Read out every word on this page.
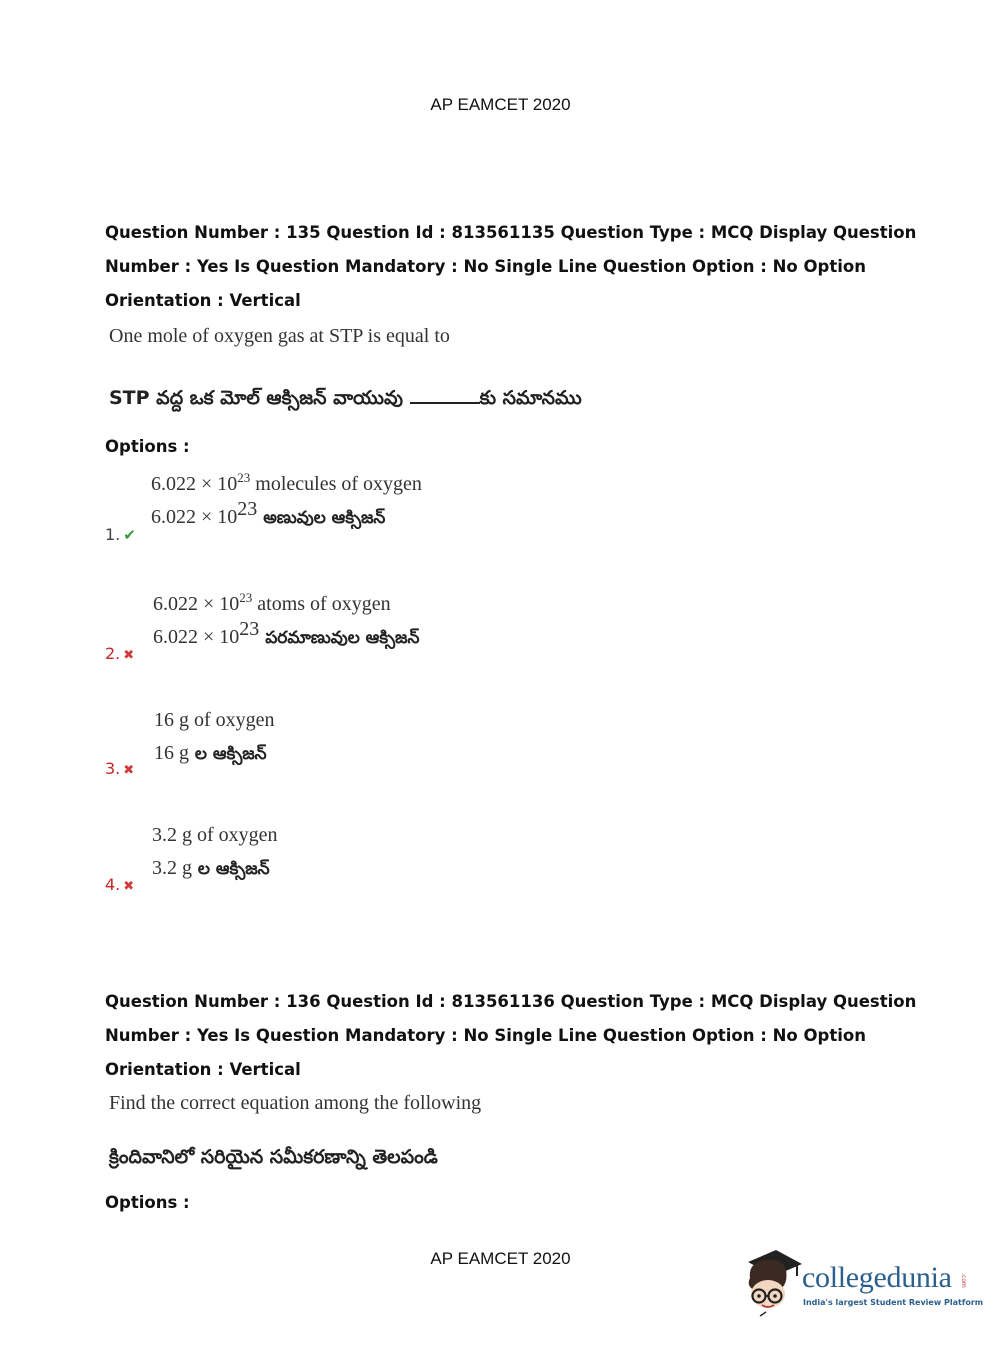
AP EAMCET 2020
Question Number : 135 Question Id : 813561135 Question Type : MCQ Display Question
Number : Yes Is Question Mandatory : No Single Line Question Option : No Option
Orientation : Vertical
One mole of oxygen gas at STP is equal to
STP వద్ద ఒక మోల్ ఆక్సిజన్ వాయువు	కు సమానము
Options :
$6.022 \times 10^{23}$ molecules of oxygen
$6.022 \times 10^{23}$ అణువుల ఆక్సిజన్
1. ✔
$6.022 \times 10^{23}$ atoms of oxygen
$6.022 \times 10^{23}$ పరమాణువుల ఆక్సిజన్
2. ✖
16 g of oxygen
16 g ల ఆక్సిజన్
3. ✖
3.2 g of oxygen
3.2 g ల ఆక్సిజన్
4. ✖
Question Number : 136 Question Id : 813561136 Question Type : MCQ Display Question
Number : Yes Is Question Mandatory : No Single Line Question Option : No Option
Orientation : Vertical
Find the correct equation among the following
క్రిందివానిలో సరియైన సమీకరణాన్ని తెలపండి
Options :
AP EAMCET 2020
collegedunia
India's largest Student Review Platform
.com
